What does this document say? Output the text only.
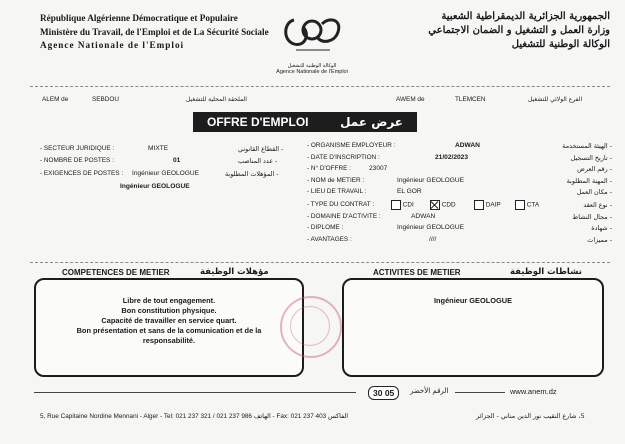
République Algérienne Démocratique et Populaire
Ministère du Travail, de l'Emploi et de La Sécurité Sociale
Agence Nationale de l'Emploi
الوكالة الوطنية للتشغيل
Agence Nationale de l'Emploi
الجمهورية الجزائرية الديمقراطية الشعبية
وزارة العمل و التشغيل و الضمان الاجتماعي
الوكالة الوطنية للتشغيل
ALEM de	SEBDOU	الملحقة المحلية للتشغيل	AWEM de	TLEMCEN	الفرع الولائي للتشغيل
OFFRE D'EMPLOI	عرض عمل
- SECTEUR JURIDIQUE :	MIXTE	القطاع القانوني -
- NOMBRE DE POSTES :	01	عدد المناصب -
- EXIGENCES DE POSTES : Ingénieur GEOLOGUE	المؤهلات المطلوبة -
Ingénieur GEOLOGUE
- ORGANISME EMPLOYEUR :	ADWAN	- الهيئة المستخدمة
- DATE D'INSCRIPTION :	21/02/2023	- تاريخ التسجيل
- N° D'OFFRE :	23007	- رقم العرض
- NOM de METIER :	Ingénieur GEOLOGUE	- المهنة المطلوبة
- LIEU DE TRAVAIL :	EL GOR	- مكان العمل
- TYPE DU CONTRAT :	CDI	CDD	DAIP	CTA	- نوع العقد
- DOMAINE D'ACTIVITE :	ADWAN	- مجال النشاط
- DIPLOME :	Ingénieur GEOLOGUE	- شهادة
- AVANTAGES :	////	- مميزات
COMPETENCES DE METIER	مؤهلات الوظيفة
Libre de tout engagement.
Bon constitution physique.
Capacité de travailler en service quart.
Bon présentation et sans de la comunication et de la
responsabilité.
ACTIVITES DE METIER	نشاطات الوظيفة
Ingénieur GEOLOGUE
30 05	الرقم الأخضر	www.anem.dz
5, Rue Capitaine Nordine Mennani - Alger - Tel: 021 237 321 / 021 237 986 الهاتف - Fax: 021 237 403 الفاكس	5، شارع النقيب نور الدين مناني - الجزائر
